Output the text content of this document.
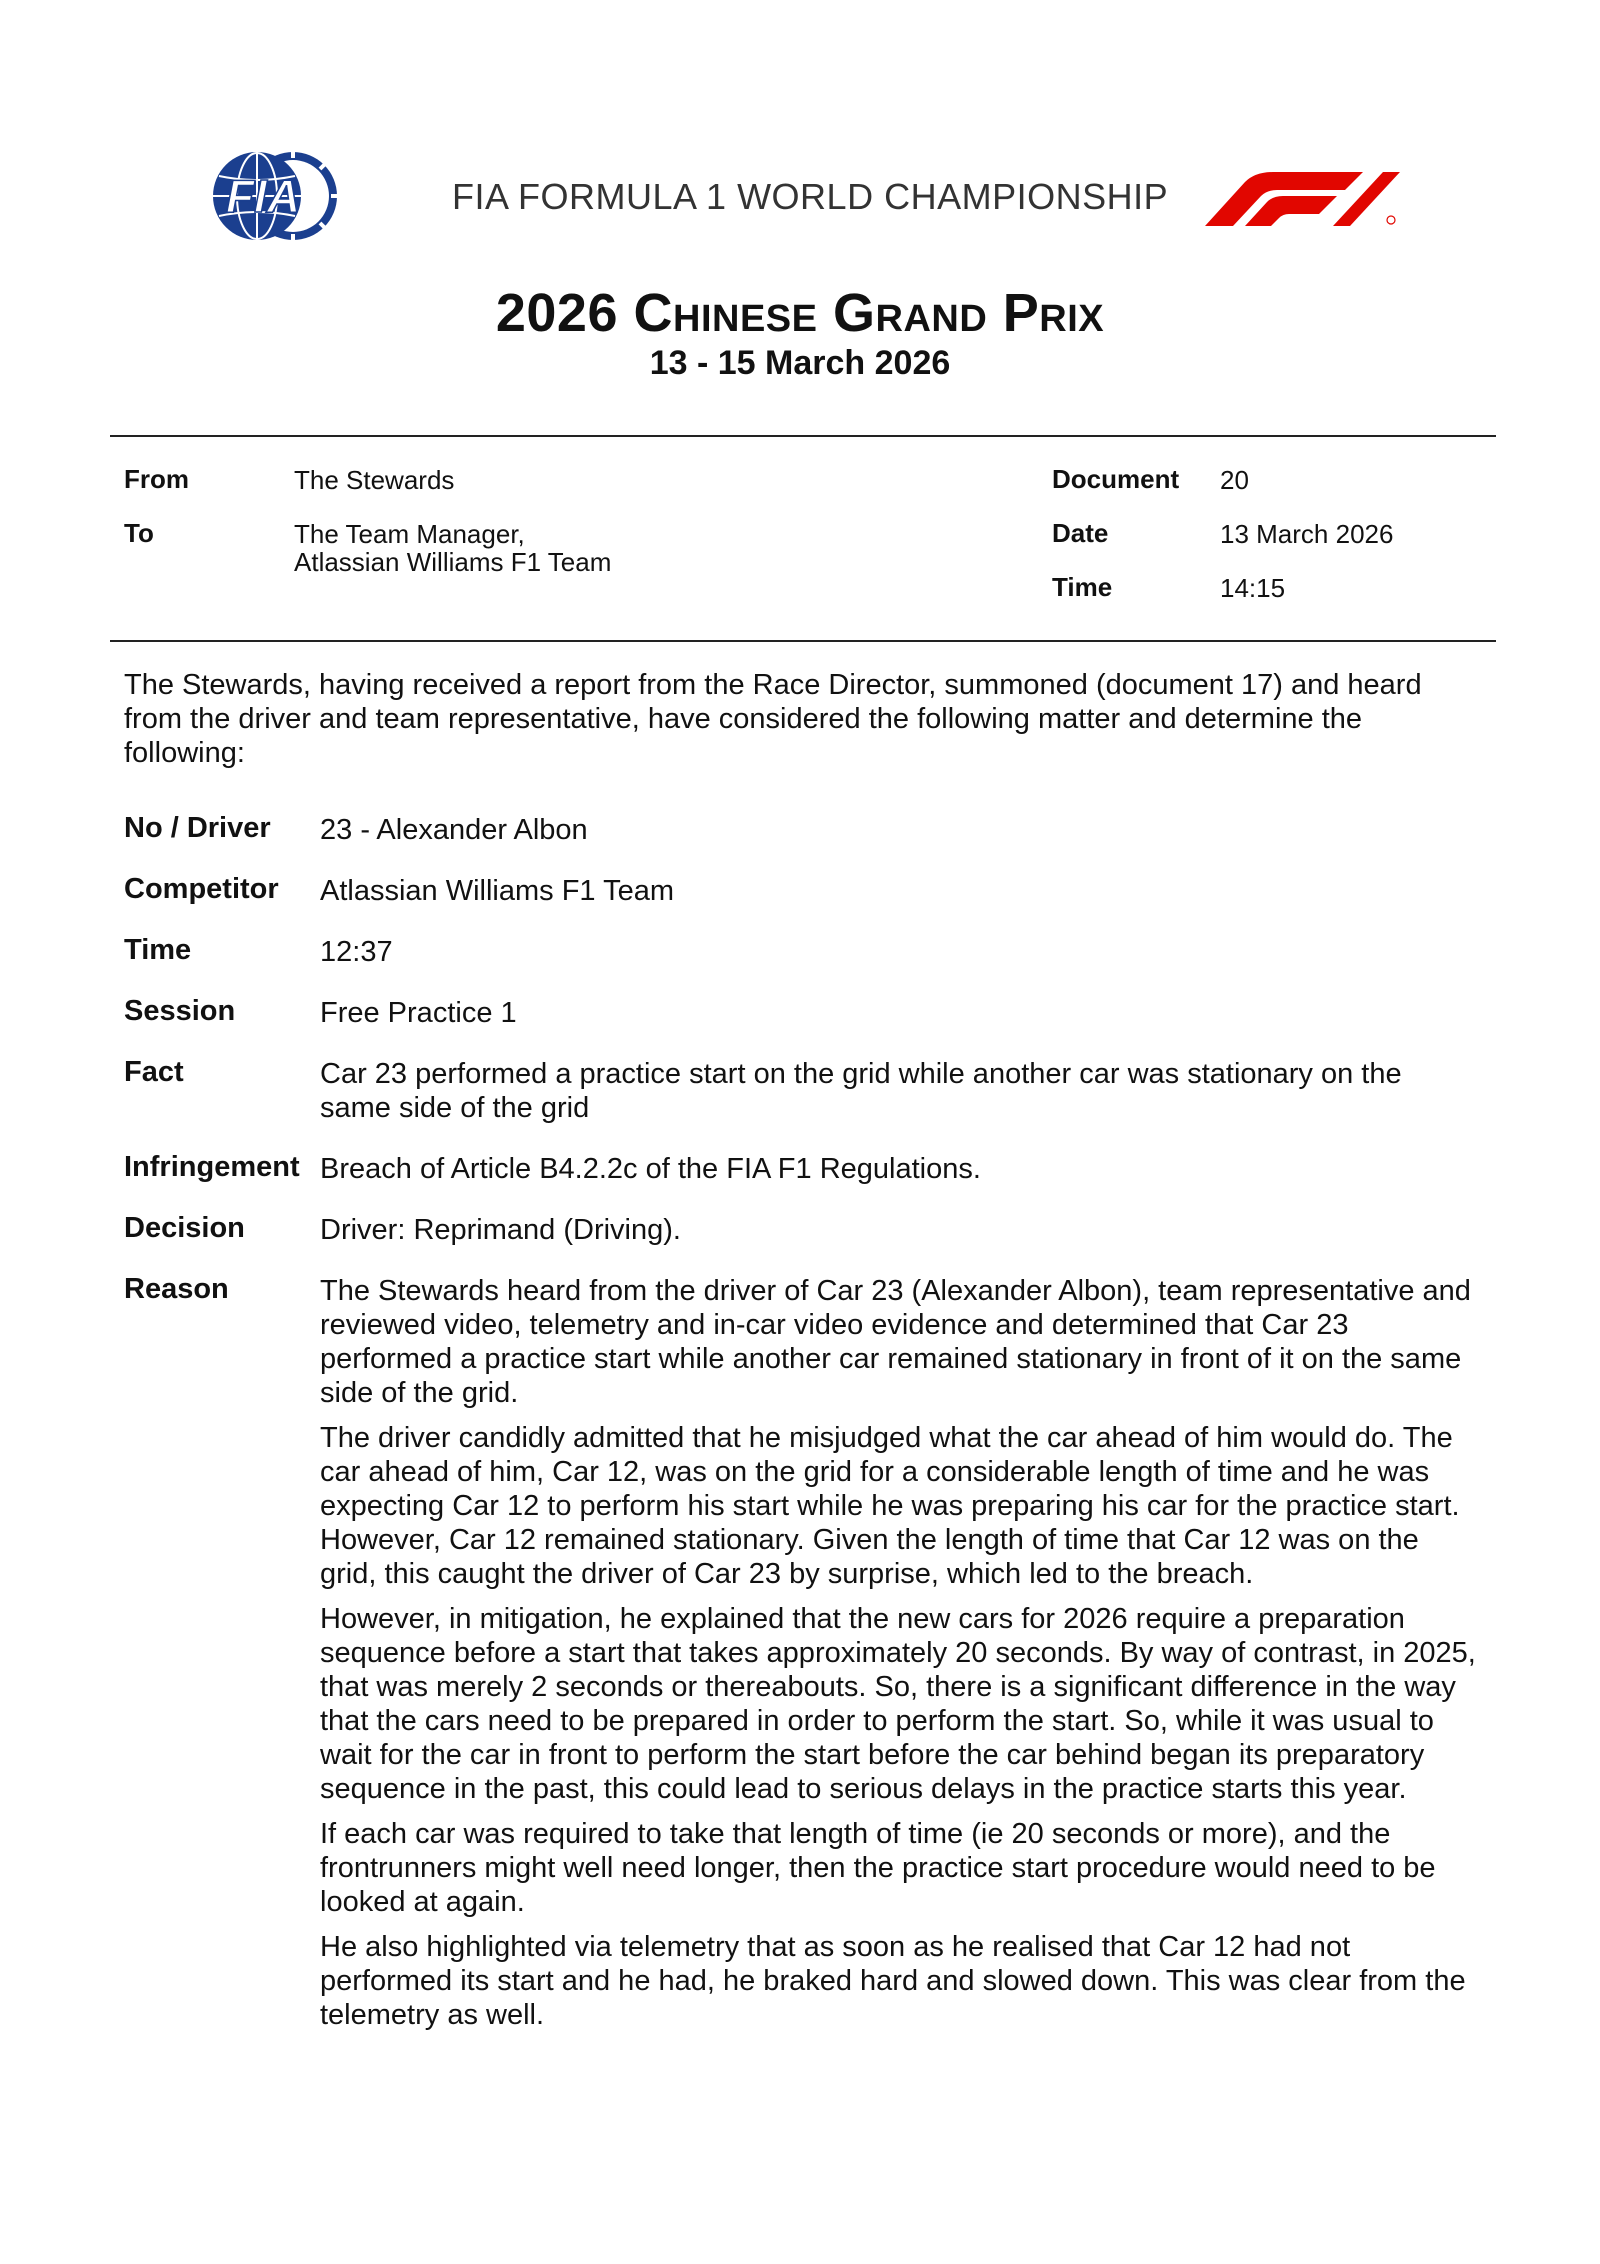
FIA	FIA FORMULA 1 WORLD CHAMPIONSHIP
2026 Chinese Grand Prix
13 - 15 March 2026
From	The Stewards
To	The Team Manager,
Atlassian Williams F1 Team
Document 20
Date	13 March 2026
Time	14:15
The Stewards, having received a report from the Race Director, summoned (document 17) and heard from the driver and team representative, have considered the following matter and determine the following:
No / Driver 23 - Alexander Albon
Competitor Atlassian Williams F1 Team
Time	12:37
Session	Free Practice 1
Fact	Car 23 performed a practice start on the grid while another car was stationary on the same side of the grid
Infringement Breach of Article B4.2.2c of the FIA F1 Regulations.
Decision	Driver: Reprimand (Driving).
Reason	The Stewards heard from the driver of Car 23 (Alexander Albon), team representative and reviewed video, telemetry and in-car video evidence and determined that Car 23 performed a practice start while another car remained stationary in front of it on the same side of the grid.

The driver candidly admitted that he misjudged what the car ahead of him would do. The car ahead of him, Car 12, was on the grid for a considerable length of time and he was expecting Car 12 to perform his start while he was preparing his car for the practice start. However, Car 12 remained stationary. Given the length of time that Car 12 was on the grid, this caught the driver of Car 23 by surprise, which led to the breach.

However, in mitigation, he explained that the new cars for 2026 require a preparation sequence before a start that takes approximately 20 seconds. By way of contrast, in 2025, that was merely 2 seconds or thereabouts. So, there is a significant difference in the way that the cars need to be prepared in order to perform the start. So, while it was usual to wait for the car in front to perform the start before the car behind began its preparatory sequence in the past, this could lead to serious delays in the practice starts this year.

If each car was required to take that length of time (ie 20 seconds or more), and the frontrunners might well need longer, then the practice start procedure would need to be looked at again.

He also highlighted via telemetry that as soon as he realised that Car 12 had not performed its start and he had, he braked hard and slowed down. This was clear from the telemetry as well.
